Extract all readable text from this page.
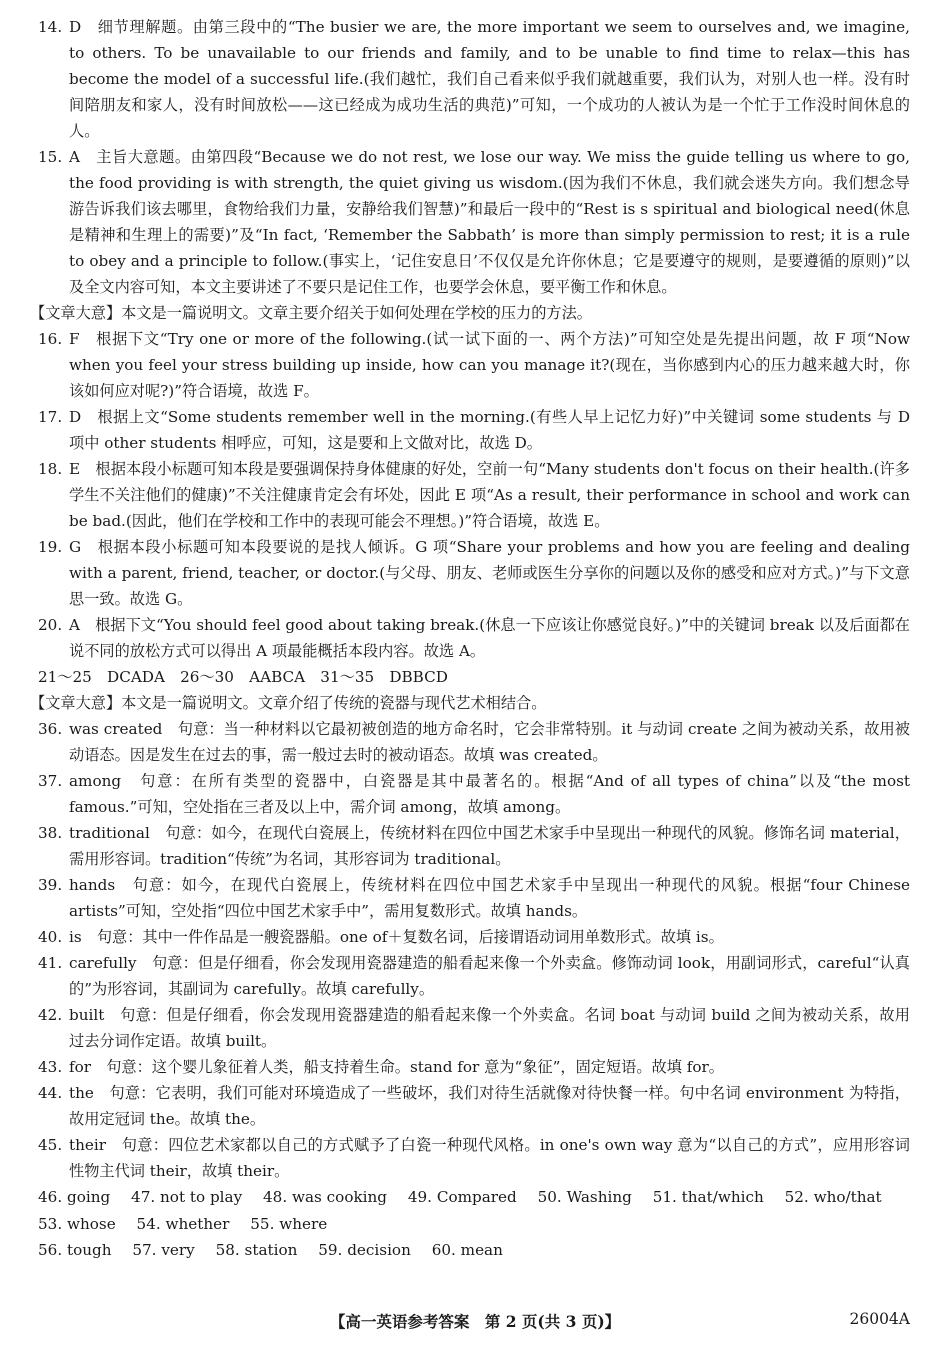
14. D　细节理解题。由第三段中的“The busier we are, the more important we seem to ourselves and, we imagine, to others. To be unavailable to our friends and family, and to be unable to find time to relax—this has become the model of a successful life.(我们越忙，我们自己看来似乎我们就越重要，我们认为，对别人也一样。没有时间陪朋友和家人，没有时间放松——这已经成为成功生活的典范)”可知，一个成功的人被认为是一个忙于工作没时间休息的人。
15. A　主旨大意题。由第四段“Because we do not rest, we lose our way. We miss the guide telling us where to go, the food providing is with strength, the quiet giving us wisdom.(因为我们不休息，我们就会迷失方向。我们想念导游告诉我们该去哪里，食物给我们力量，安静给我们智慧)”和最后一段中的“Rest is s spiritual and biological need(休息是精神和生理上的需要)”及“In fact, ‘Remember the Sabbath’ is more than simply permission to rest; it is a rule to obey and a principle to follow.(事实上，‘记住安息日’不仅仅是允许你休息；它是要遵守的规则，是要遵循的原则)”以及全文内容可知，本文主要讲述了不要只是记住工作，也要学会休息，要平衡工作和休息。
【文章大意】本文是一篇说明文。文章主要介绍关于如何处理在学校的压力的方法。
16. F　根据下文“Try one or more of the following.(试一试下面的一、两个方法)”可知空处是先提出问题，故 F 项“Now when you feel your stress building up inside, how can you manage it?(现在，当你感到内心的压力越来越大时，你该如何应对呢?)”符合语境，故选 F。
17. D　根据上文“Some students remember well in the morning.(有些人早上记忆力好)”中关键词 some students 与 D 项中 other students 相呼应，可知，这是要和上文做对比，故选 D。
18. E　根据本段小标题可知本段是要强调保持身体健康的好处，空前一句“Many students don't focus on their health.(许多学生不关注他们的健康)”不关注健康肯定会有坏处，因此 E 项“As a result, their performance in school and work can be bad.(因此，他们在学校和工作中的表现可能会不理想。)”符合语境，故选 E。
19. G　根据本段小标题可知本段要说的是找人倾诉。G 项“Share your problems and how you are feeling and dealing with a parent, friend, teacher, or doctor.(与父母、朋友、老师或医生分享你的问题以及你的感受和应对方式。)”与下文意思一致。故选 G。
20. A　根据下文“You should feel good about taking break.(休息一下应该让你感觉良好。)”中的关键词 break 以及后面都在说不同的放松方式可以得出 A 项最能概括本段内容。故选 A。
21～25　DCADA　26～30　AABCA　31～35　DBBCD
【文章大意】本文是一篇说明文。文章介绍了传统的瓷器与现代艺术相结合。
36. was created　句意：当一种材料以它最初被创造的地方命名时，它会非常特别。it 与动词 create 之间为被动关系，故用被动语态。因是发生在过去的事，需一般过去时的被动语态。故填 was created。
37. among　句意：在所有类型的瓷器中，白瓷器是其中最著名的。根据“And of all types of china”以及“the most famous.”可知，空处指在三者及以上中，需介词 among，故填 among。
38. traditional　句意：如今，在现代白瓷展上，传统材料在四位中国艺术家手中呈现出一种现代的风貌。修饰名词 material，需用形容词。tradition“传统”为名词，其形容词为 traditional。
39. hands　句意：如今，在现代白瓷展上，传统材料在四位中国艺术家手中呈现出一种现代的风貌。根据“four Chinese artists”可知，空处指“四位中国艺术家手中”，需用复数形式。故填 hands。
40. is　句意：其中一件作品是一艘瓷器船。one of＋复数名词，后接谓语动词用单数形式。故填 is。
41. carefully　句意：但是仔细看，你会发现用瓷器建造的船看起来像一个外卖盒。修饰动词 look，用副词形式，careful“认真的”为形容词，其副词为 carefully。故填 carefully。
42. built　句意：但是仔细看，你会发现用瓷器建造的船看起来像一个外卖盒。名词 boat 与动词 build 之间为被动关系，故用过去分词作定语。故填 built。
43. for　句意：这个婴儿象征着人类，船支持着生命。stand for 意为“象征”，固定短语。故填 for。
44. the　句意：它表明，我们可能对环境造成了一些破坏，我们对待生活就像对待快餐一样。句中名词 environment 为特指，故用定冠词 the。故填 the。
45. their　句意：四位艺术家都以自己的方式赋予了白瓷一种现代风格。in one's own way 意为“以自己的方式”，应用形容词性物主代词 their，故填 their。
46. going 47. not to play 48. was cooking 49. Compared 50. Washing 51. that/which 52. who/that
53. whose 54. whether 55. where
56. tough 57. very 58. station 59. decision 60. mean
【高一英语参考答案　第 2 页(共 3 页)】	26004A
